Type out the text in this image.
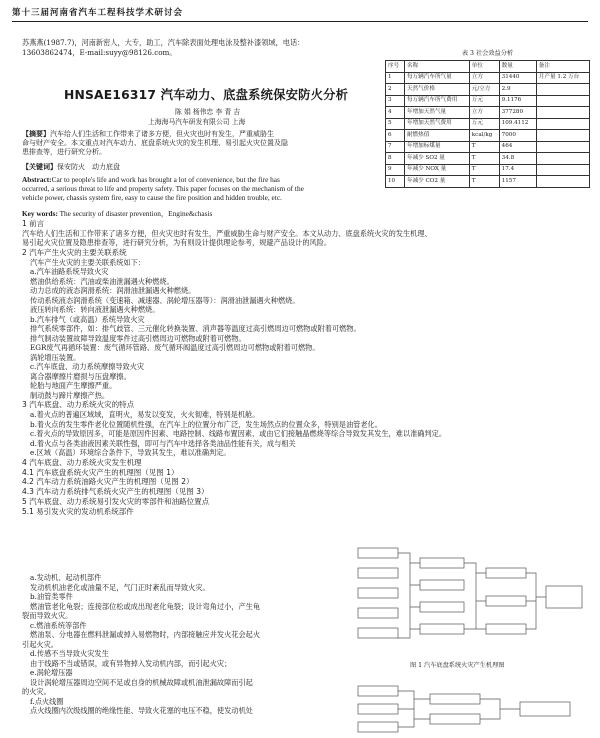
第十三届河南省汽车工程科技学术研讨会
苏燕燕(1987.7)，河南新密人，大专，助工，汽车除表面处理电泳及整补漆领域，电话：
13603862474，E-mail:suyy@98126.com。
HNSAE16317 汽车动力、底盘系统保安防火分析
陈 娟 杨伟忠 李 青 吉
上海海马汽车研发有限公司 上海
【摘要】汽车给人们生活和工作带来了诸多方便，但火灾也时有发生，严重威胁生
命与财产安全。本文重点对汽车动力、底盘系统火灾的发生机理、易引起火灾位置及隐
患排查等，进行研究分析。
【关键词】保安防火　动力底盘
Abstract:Car to people's life and work has brought a lot of convenience, but the fire has
occurred, a serious threat to life and property safety. This paper focuses on the mechanism of the
vehicle power, chassis system fire, easy to cause the fire position and hidden trouble, etc.
Key words: The security of disaster prevention，Engine&chasis
1 前言
汽车给人们生活和工作带来了诸多方便，但火灾也时有发生，严重威胁生命与财产安全。本文从动力、底盘系统火灾的发生机理、
易引起火灾位置及隐患排查等，进行研究分析，为有则设计提供理论参考，规避产品设计的风险。
2 汽车产生火灾的主要关联系统
汽车产生火灾的主要关联系统如下：
a.汽车油路系统导致火灾
燃油供给系统：汽油或柴油泄漏遇火种燃烧。
动力总成的液态润滑系统：润滑油泄漏遇火种燃烧。
传动系统液态润滑系统（变速箱、减速器、涡轮增压器等）：润滑油泄漏遇火种燃烧。
液压转向系统：转向液泄漏遇火种燃烧。
b.汽车排气（或高温）系统导致火灾
排气系统零部件，如：排气歧管、三元催化转换装置、消声器等温度过高引燃周边可燃物或附着可燃物。
排气制动装置故障导致温度零件过高引燃周边可燃物或附着可燃物。
EGR废气再循环装置：废气循环管路、废气循环阀温度过高引燃周边可燃物或附着可燃物。
涡轮增压装置。
c.汽车底盘、动力系统摩擦导致火灾
离合器摩擦片磨损与压盘摩擦。
轮胎与地面产生摩擦严重。
制动鼓与蹄片摩擦产热。
3 汽车底盘、动力系统火灾的特点
a.着火点的普遍区域域，直明火，易发以变发，火火彻难，特别是机舱。
b.着火点的发生零件老化位置随机性强，在汽车上的位置分布广泛，发生场然点的位置众多，特别是油管老化。
c.着火点的导致原因多，可能是原因件因素、电路控制、线路布置因素、或由它们接触晶燃烧等综合导致发其发生，难以准确判定。
d.着火点与各类油液因素关联性强，即可与汽车中选择各类油品性能有关，成与相关
e.区域（高温）环境综合条件下，导致其发生，难以准确判定。
4 汽车底盘、动力系统火灾发生机理
4.1 汽车底盘系统火灾产生的机理图（见图 1）
4.2 汽车动力系统油路火灾产生的机理图（见图 2）
4.3 汽车动力系统排气系统火灾产生的机理图（见图 3）
5 汽车底盘、动力系统易引发火灾的零部件和油路位置点
5.1 易引发火灾的发动机系统部件
a.发动机、起动机部件
发动机机油老化或油量不足，气门正时紊乱而导致火灾。
b.油管类零件
燃油管老化龟裂；连接部位松或成出现老化龟裂；设计弯角过小，产生龟
裂而导致火灾。
c.燃油系统等部件
燃油泵、分电器在燃料泄漏或掉入易燃物时，内部接触应并发火花会起火
引起火灾。
d.传感不当导致火灾发生
由于线路不当或错误，或有异物掉入发动机内部，而引起火灾；
e.涡轮增压器
设计涡轮增压器周边空间不足或自身的机械故障或机油泄漏故障而引起
的火灾。
f.点火线圈
点火线圈内次级线圈的绝缘性能、导致火花塞的电压不稳，使发动机处
表 3 社会效益分析
序号	名称	单位	数量	备注
1	每万辆汽车所气量	立方	31440	月产量 1.2 万台
2	天然气价格	元/立方	2.9	
3	每万辆汽车所气费用	万元	9.1176	
4	年增加天然气量	立方	377280	
5	年增加天然气费用	万元	109.4112	
6	耐燃热值	kcal/kg	7000	
7	年增加标煤量	T	464	
8	年减少 SO2 量	T	34.8	
9	年减少 NOX 量	T	17.4	
10	年减少 CO2 量	T	1157	
图 1 汽车底盘系统火灾产生机理图
